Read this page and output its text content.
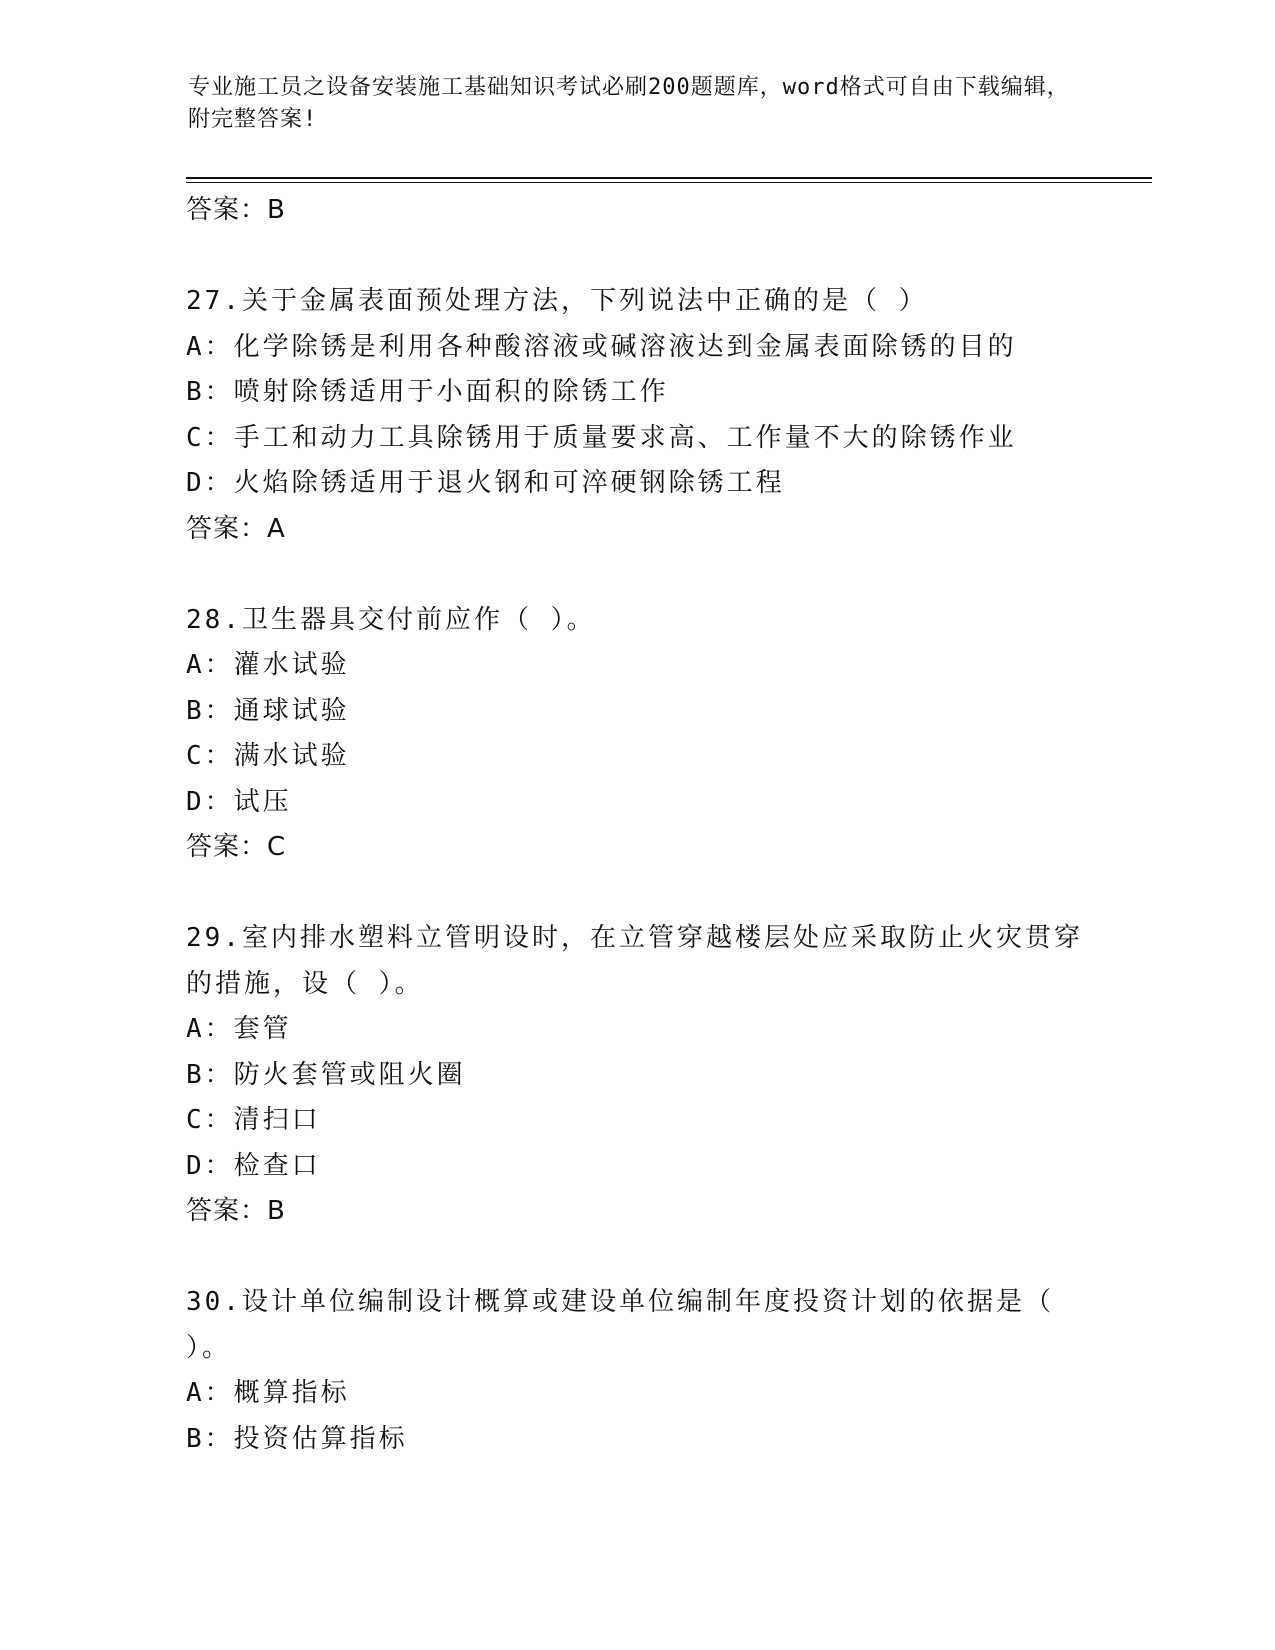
专业施工员之设备安装施工基础知识考试必刷200题题库，word格式可自由下载编辑，附完整答案!
答案：B
27.关于金属表面预处理方法，下列说法中正确的是（ ）
A：化学除锈是利用各种酸溶液或碱溶液达到金属表面除锈的目的
B：喷射除锈适用于小面积的除锈工作
C：手工和动力工具除锈用于质量要求高、工作量不大的除锈作业
D：火焰除锈适用于退火钢和可淬硬钢除锈工程
答案：A
28.卫生器具交付前应作（ ）。
A：灌水试验
B：通球试验
C：满水试验
D：试压
答案：C
29.室内排水塑料立管明设时，在立管穿越楼层处应采取防止火灾贯穿
的措施，设（ ）。
A：套管
B：防火套管或阻火圈
C：清扫口
D：检查口
答案：B
30.设计单位编制设计概算或建设单位编制年度投资计划的依据是（
）。
A：概算指标
B：投资估算指标
